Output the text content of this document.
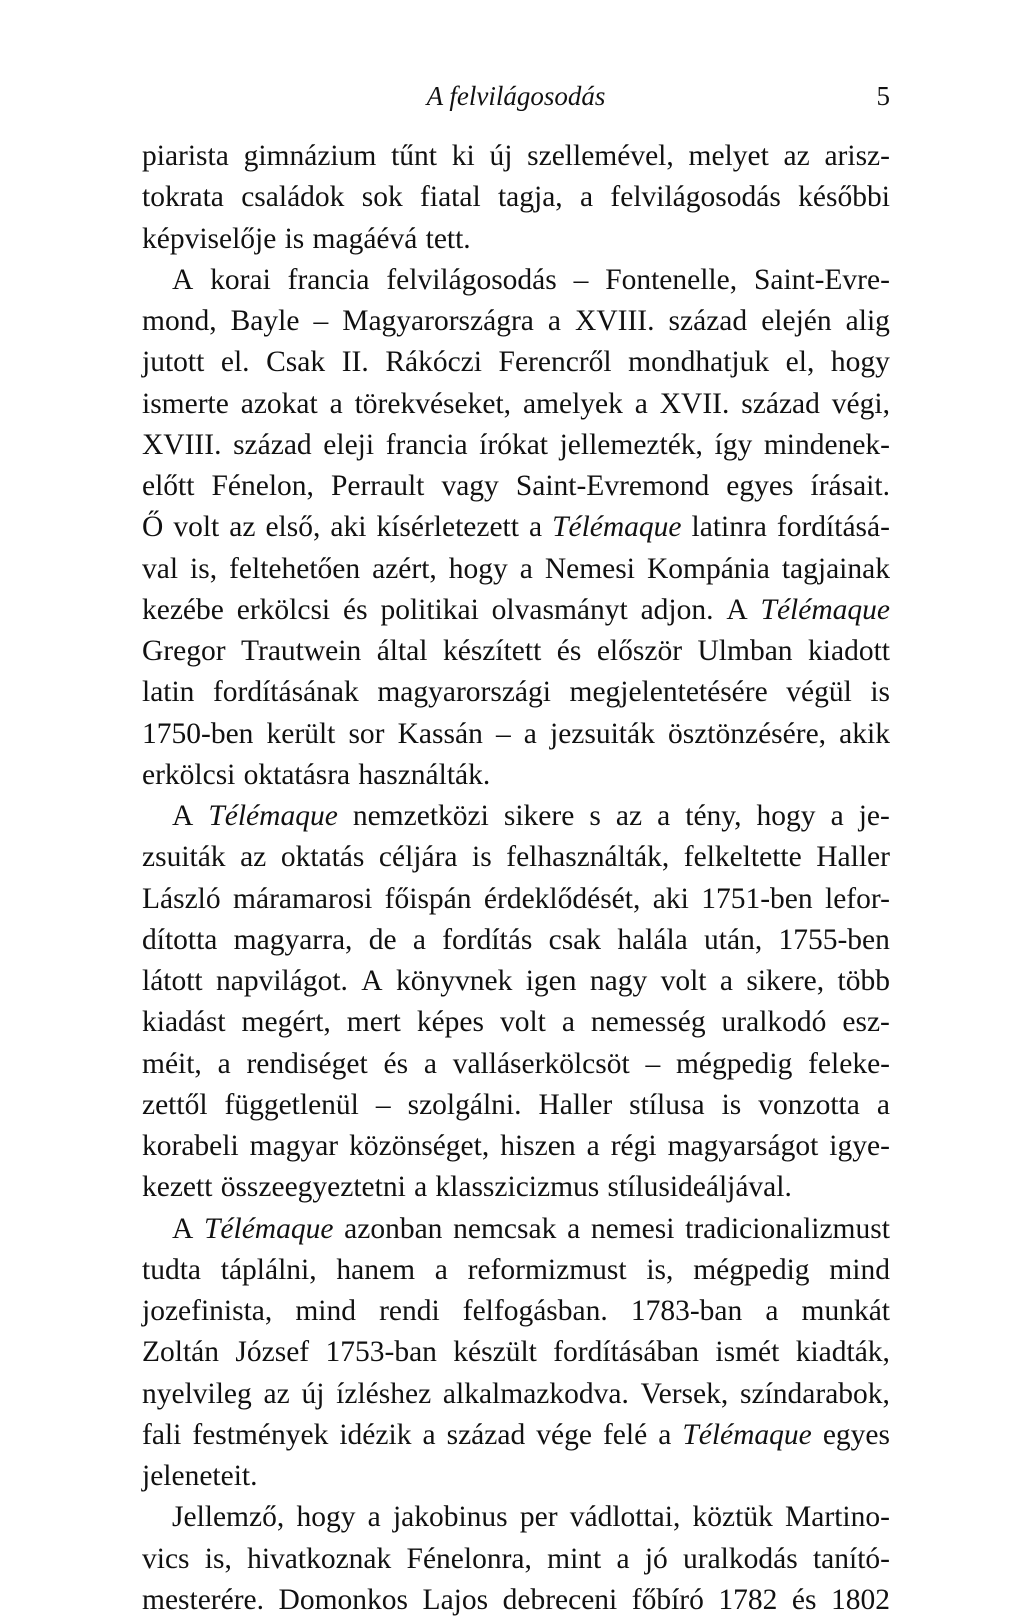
A felvilágosodás	5
piarista gimnázium tűnt ki új szellemével, melyet az arisz-
tokrata családok sok fiatal tagja, a felvilágosodás későbbi
képviselője is magáévá tett.
A korai francia felvilágosodás – Fontenelle, Saint-Evre-
mond, Bayle – Magyarországra a XVIII. század elején alig
jutott el. Csak II. Rákóczi Ferencről mondhatjuk el, hogy
ismerte azokat a törekvéseket, amelyek a XVII. század végi,
XVIII. század eleji francia írókat jellemezték, így mindenek-
előtt Fénelon, Perrault vagy Saint-Evremond egyes írásait.
Ő volt az első, aki kísérletezett a Télémaque latinra fordításá-
val is, feltehetően azért, hogy a Nemesi Kompánia tagjainak
kezébe erkölcsi és politikai olvasmányt adjon. A Télémaque
Gregor Trautwein által készített és először Ulmban kiadott
latin fordításának magyarországi megjelentetésére végül is
1750-ben került sor Kassán – a jezsuiták ösztönzésére, akik
erkölcsi oktatásra használták.
A Télémaque nemzetközi sikere s az a tény, hogy a je-
zsuiták az oktatás céljára is felhasználták, felkeltette Haller
László máramarosi főispán érdeklődését, aki 1751-ben lefor-
dította magyarra, de a fordítás csak halála után, 1755-ben
látott napvilágot. A könyvnek igen nagy volt a sikere, több
kiadást megért, mert képes volt a nemesség uralkodó esz-
méit, a rendiséget és a valláserkölcsöt – mégpedig feleke-
zettől függetlenül – szolgálni. Haller stílusa is vonzotta a
korabeli magyar közönséget, hiszen a régi magyarságot igye-
kezett összeegyeztetni a klasszicizmus stílusideáljával.
A Télémaque azonban nemcsak a nemesi tradicionalizmust
tudta táplálni, hanem a reformizmust is, mégpedig mind
jozefinista, mind rendi felfogásban. 1783-ban a munkát
Zoltán József 1753-ban készült fordításában ismét kiadták,
nyelvileg az új ízléshez alkalmazkodva. Versek, színdarabok,
fali festmények idézik a század vége felé a Télémaque egyes
jeleneteit.
Jellemző, hogy a jakobinus per vádlottai, köztük Martino-
vics is, hivatkoznak Fénelonra, mint a jó uralkodás tanító-
mesterére. Domonkos Lajos debreceni főbíró 1782 és 1802
